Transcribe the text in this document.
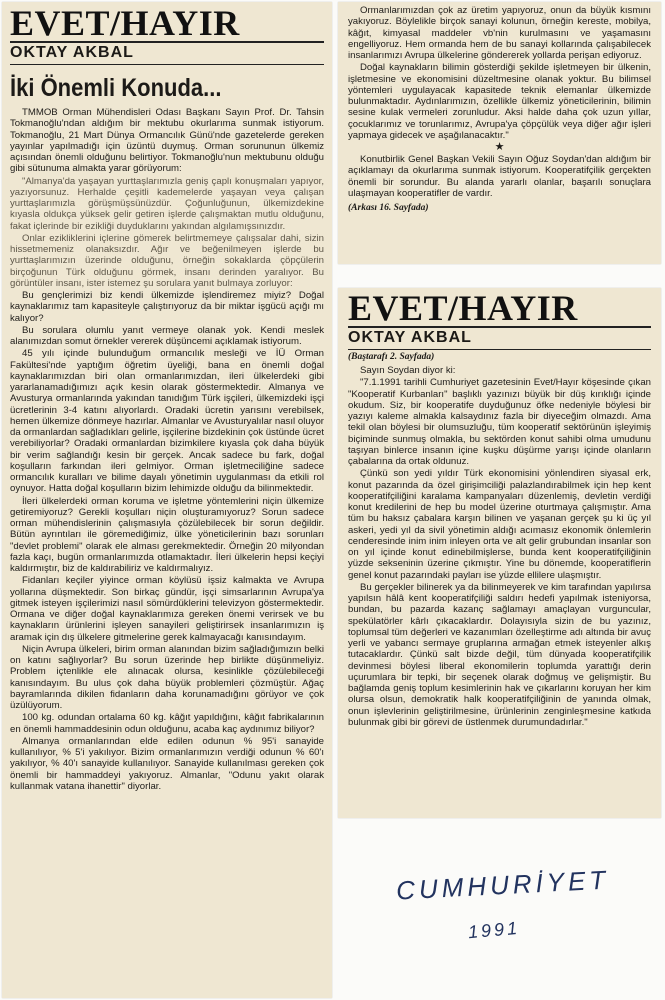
EVET/HAYIR
OKTAY AKBAL
İki Önemli Konuda...

TMMOB Orman Mühendisleri Odası Başkanı Sayın Prof. Dr. Tahsin Tokmanoğlu'ndan aldığım bir mektubu okurlarıma sunmak istiyorum. Tokmanoğlu, 21 Mart Dünya Ormancılık Günü'nde gazetelerde gereken yayınlar yapılmadığı için üzüntü duymuş. Orman sorununun ülkemiz açısından önemli olduğunu belirtiyor. Tokmanoğlu'nun mektubunu olduğu gibi sütunuma almakta yarar görüyorum:

"Almanya'da yaşayan yurttaşlarımızla geniş çaplı konuşmaları yapıyor, yazıyorsunuz. Herhalde çeşitli kademelerde yaşayan veya çalışan yurttaşlarımızla görüşmüşsünüzdür. Çoğunluğunun, ülkemizdekine kıyasla oldukça yüksek gelir getiren işlerde çalışmaktan mutlu olduğunu, fakat içlerinde bir ezikliği duyduklarını yakından algılamışsınızdır.

Onlar ezikliklerini içlerine gömerek belirtmemeye çalışsalar dahi, sizin hissetmemeniz olanaksızdır. Ağır ve beğenilmeyen işlerde bu yurttaşlarımızın üzerinde olduğunu, örneğin sokaklarda çöpçülerin birçoğunun Türk olduğunu görmek, insanı derinden yaralıyor. Bu görüntüler insanı, ister istemez şu sorulara yanıt bulmaya zorluyor:

Bu gençlerimizi biz kendi ülkemizde işlendiremez miyiz? Doğal kaynaklarımız tam kapasiteyle çalıştırıyoruz da bir miktar işgücü açığı mı kalıyor?

Bu sorulara olumlu yanıt vermeye olanak yok. Kendi meslek alanımızdan somut örnekler vererek düşüncemi açıklamak istiyorum.

45 yılı içinde bulunduğum ormancılık mesleği ve İÜ Orman Fakültesi'nde yaptığım öğretim üyeliği, bana en önemli doğal kaynaklarımızdan biri olan ormanlarımızdan, ileri ülkelerdeki gibi yararlanamadığımızı açık kesin olarak göstermektedir. Almanya ve Avusturya ormanlarında yakından tanıdığım Türk işçileri, ülkemizdeki işçi ücretlerinin 3-4 katını alıyorlardı. Oradaki ücretin yarısını verebilsek, hemen ülkemize dönmeye hazırlar. Almanlar ve Avusturyalılar nasıl oluyor da ormanlardan sağladıkları gelirle, işçilerine bizdekinin çok üstünde ücret verebiliyorlar? Oradaki ormanlardan bizimkilere kıyasla çok daha büyük bir verim sağlandığı kesin bir gerçek. Ancak sadece bu fark, doğal koşulların farkından ileri gelmiyor. Orman işletmeciliğine sadece ormancılık kuralları ve bilime dayalı yönetimin uygulanması da etkili rol oynuyor. Hatta doğal koşulların bizim lehimizde olduğu da bilinmektedir.

İleri ülkelerdeki orman koruma ve işletme yöntemlerini niçin ülkemize getiremiyoruz? Gerekli koşulları niçin oluşturamıyoruz? Sorun sadece orman mühendislerinin çalışmasıyla çözülebilecek bir sorun değildir. Bütün ayrıntıları ile göremediğimiz, ülke yöneticilerinin bazı sorunları "devlet problemi" olarak ele alması gerekmektedir. Örneğin 20 milyondan fazla kaçı, bugün ormanlarımızda otlamaktadır. İleri ülkelerin hepsi keçiyi kaldırmıştır, biz de kaldırabiliriz ve kaldırmalıyız.

Fidanları keçiler yiyince orman köylüsü işsiz kalmakta ve Avrupa yollarına düşmektedir. Son birkaç gündür, işçi simsarlarının Avrupa'ya gitmek isteyen işçilerimizi nasıl sömürdüklerini televizyon göstermektedir. Ormana ve diğer doğal kaynaklarımıza gereken önemi verirsek ve bu kaynakların ürünlerini işleyen sanayileri geliştirirsek insanlarımızın iş aramak için dış ülkelere gitmelerine gerek kalmayacağı kanısındayım.

Niçin Avrupa ülkeleri, birim orman alanından bizim sağladığımızın belki on katını sağlıyorlar? Bu sorun üzerinde hep birlikte düşünmeliyiz. Problem içtenlikle ele alınacak olursa, kesinlikle çözülebileceği kanısındayım. Bu ulus çok daha büyük problemleri çözmüştür. Ağaç bayramlarında dikilen fidanların daha korunamadığını görüyor ve çok üzülüyorum.

100 kg. odundan ortalama 60 kg. kâğıt yapıldığını, kâğıt fabrikalarının en önemli hammaddesinin odun olduğunu, acaba kaç aydınımız biliyor?

Almanya ormanlarından elde edilen odunun % 95'i sanayide kullanılıyor, % 5'i yakılıyor. Bizim ormanlarımızın verdiği odunun % 60'ı yakılıyor, % 40'ı sanayide kullanılıyor. Sanayide kullanılması gereken çok önemli bir hammaddeyi yakıyoruz. Almanlar, "Odunu yakıt olarak kullanmak vatana ihanettir" diyorlar.

Ormanlarımızdan çok az üretim yapıyoruz, onun da büyük kısmını yakıyoruz. Böylelikle birçok sanayi kolunun, örneğin kereste, mobilya, kâğıt, kimyasal maddeler vb'nin kurulmasını ve yaşamasını engelliyoruz. Hem ormanda hem de bu sanayi kollarında çalışabilecek insanlarımızı Avrupa ülkelerine göndererek yollarda perişan ediyoruz.

Doğal kaynakların bilimin gösterdiği şekilde işletmeyen bir ülkenin, işletmesine ve ekonomisini düzeltmesine olanak yoktur. Bu bilimsel yöntemleri uygulayacak kapasitede teknik elemanlar ülkemizde bulunmaktadır. Aydınlarımızın, özellikle ülkemiz yöneticilerinin, bilimin sesine kulak vermeleri zorunludur. Aksi halde daha çok uzun yıllar, çocuklarımız ve torunlarımız, Avrupa'ya çöpçülük veya diğer ağır işleri yapmaya gidecek ve aşağılanacaktır."

★

Konutbirlik Genel Başkan Vekili Sayın Oğuz Soydan'dan aldığım bir açıklamayı da okurlarıma sunmak istiyorum. Kooperatifçilik gerçekten önemli bir sorundur. Bu alanda yararlı olanlar, başarılı sonuçlara ulaşmayan kooperatifler de vardır.

(Arkası 16. Sayfada)
EVET/HAYIR
OKTAY AKBAL
(Baştarafı 2. Sayfada)

Sayın Soydan diyor ki:

"7.1.1991 tarihli Cumhuriyet gazetesinin Evet/Hayır köşesinde çıkan "Kooperatif Kurbanları" başlıklı yazınızı büyük bir düş kırıklığı içinde okudum. Siz, bir kooperatife duyduğunuz öfke nedeniyle böylesi bir yazıyı kaleme almakla kalsaydınız fazla bir diyeceğim olmazdı. Ama tekil olan böylesi bir olumsuzluğu, tüm kooperatif sektörünün işleyimiş biçiminde sunmuş olmakla, bu sektörden konut sahibi olma umudunu taşıyan binlerce insanın içine kuşku düşürme yarışı içinde olanların çabalarına da ortak oldunuz.

Çünkü son yedi yıldır Türk ekonomisini yönlendiren siyasal erk, konut pazarında da özel girişimciliği palazlandırabilmek için hep kent kooperatifçiliğini karalama kampanyaları düzenlemiş, devletin verdiği konut kredilerini de hep bu model üzerine oturtmaya çalışmıştır. Ama tüm bu haksız çabalara karşın bilinen ve yaşanan gerçek şu ki üç yıl askeri, yedi yıl da sivil yönetimin aldığı acımasız ekonomik önlemlerin cenderesinde inim inim inleyen orta ve alt gelir grubundan insanlar son on yıl içinde konut edinebilmişlerse, bunda kent kooperatifçiliğinin yüzde sekseninin üzerine çıkmıştır. Yine bu dönemde, kooperatiflerin genel konut pazarındaki payları ise yüzde ellilere ulaşmıştır.

Bu gerçekler bilinerek ya da bilinmeyerek ve kim tarafından yapılırsa yapılsın hâlâ kent kooperatifçiliği saldırı hedefi yapılmak isteniyorsa, bundan, bu pazarda kazanç sağlamayı amaçlayan vurguncular, spekülatörler kârlı çıkacaklardır. Dolayısıyla sizin de bu yazınız, toplumsal tüm değerleri ve kazanımları özelleştirme adı altında bir avuç yerli ve yabancı sermaye gruplarına armağan etmek isteyenler alkış tutacaklardır. Çünkü salt bizde değil, tüm dünyada kooperatifçilik devinmesi böylesi liberal ekonomilerin toplumda yarattığı derin uçurumlara bir tepki, bir seçenek olarak doğmuş ve gelişmiştir. Bu bağlamda geniş toplum kesimlerinin hak ve çıkarlarını koruyan her kim olursa olsun, demokratik halk kooperatifçiliğinin de yanında olmak, onun işlevlerinin geliştirilmesine, ürünlerinin zenginleşmesine katkıda bulunmak gibi bir görevi de üstlenmek durumundadırlar."

CUMHURİYET
1991
